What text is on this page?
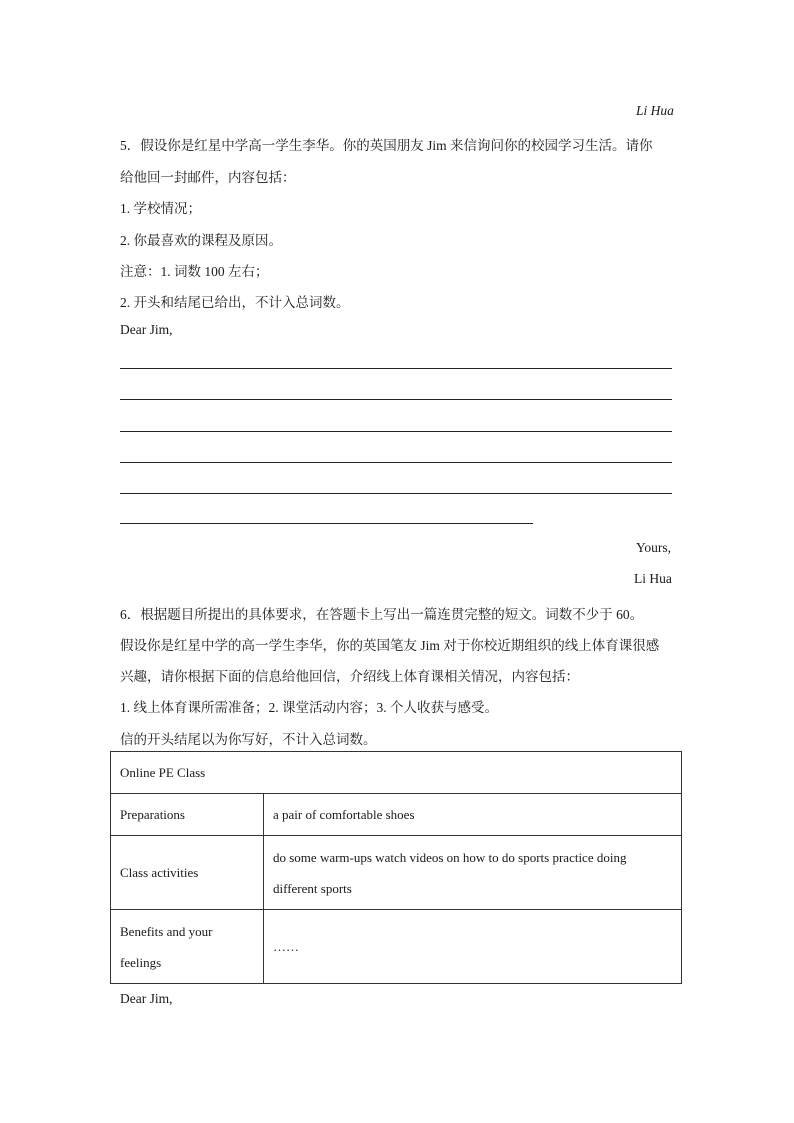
Li Hua
5．假设你是红星中学高一学生李华。你的英国朋友 Jim 来信询问你的校园学习生活。请你
给他回一封邮件，内容包括：
1. 学校情况；
2. 你最喜欢的课程及原因。
注意：1. 词数 100 左右；
2. 开头和结尾已给出，不计入总词数。
Dear Jim,
Yours,
Li Hua
6．根据题目所提出的具体要求，在答题卡上写出一篇连贯完整的短文。词数不少于 60。
假设你是红星中学的高一学生李华，你的英国笔友 Jim 对于你校近期组织的线上体育课很感
兴趣，请你根据下面的信息给他回信，介绍线上体育课相关情况，内容包括：
1. 线上体育课所需准备；2. 课堂活动内容；3. 个人收获与感受。
信的开头结尾以为你写好，不计入总词数。
Online PE Class	
Preparations	a pair of comfortable shoes
Class activities	do some warm-ups watch videos on how to do sports practice doing different sports
Benefits and your feelings	……
Dear Jim,
